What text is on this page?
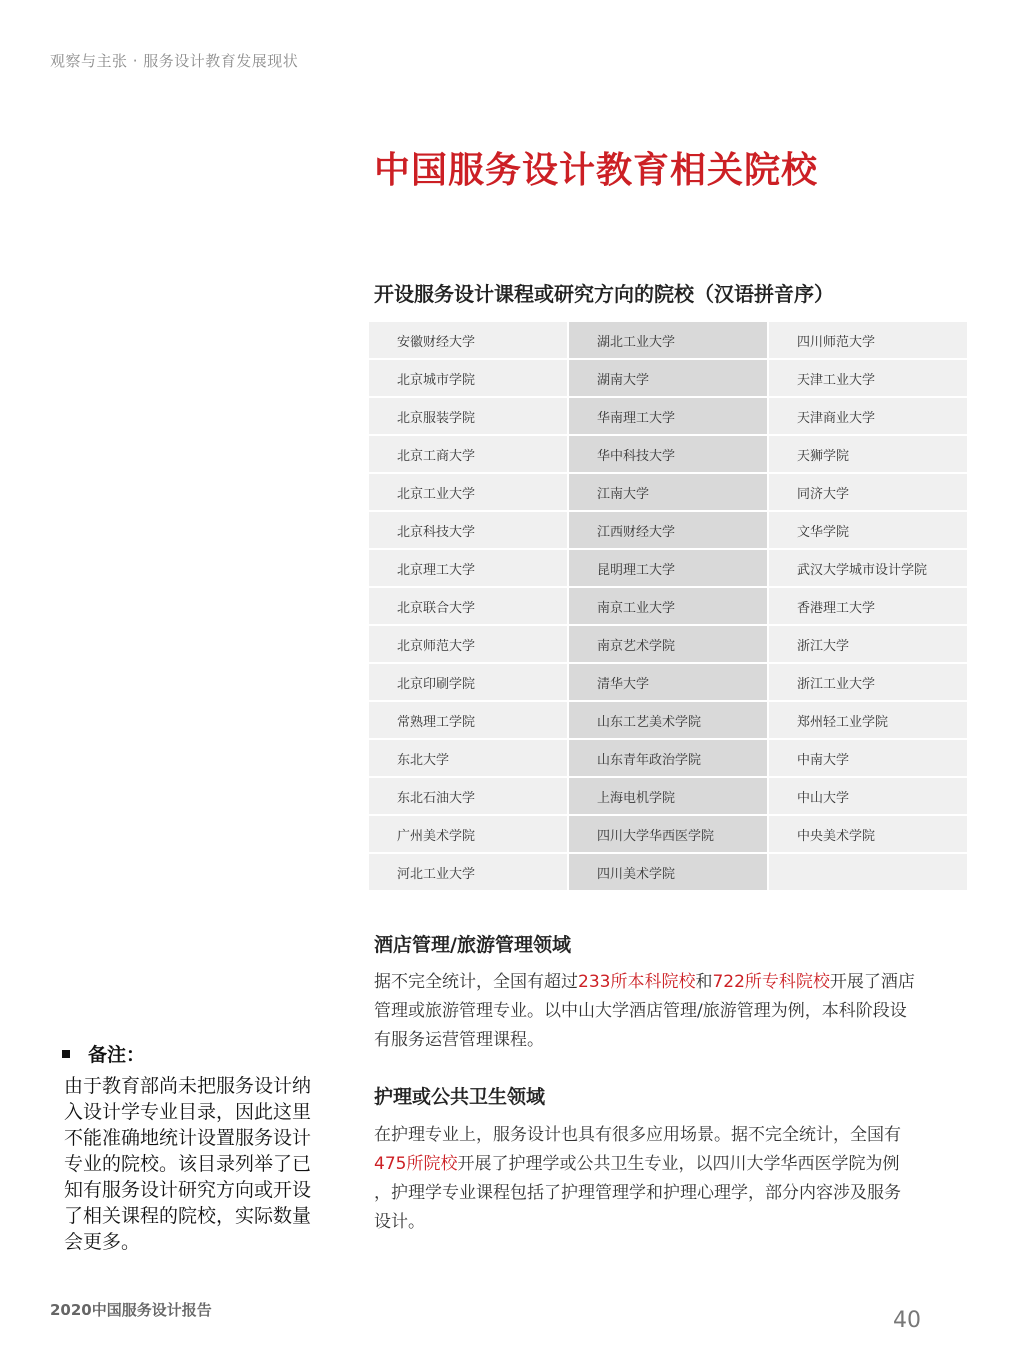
观察与主张 · 服务设计教育发展现状
中国服务设计教育相关院校
开设服务设计课程或研究方向的院校（汉语拼音序）
安徽财经大学
北京城市学院
北京服装学院
北京工商大学
北京工业大学
北京科技大学
北京理工大学
北京联合大学
北京师范大学
北京印刷学院
常熟理工学院
东北大学
东北石油大学
广州美术学院
河北工业大学
湖北工业大学
湖南大学
华南理工大学
华中科技大学
江南大学
江西财经大学
昆明理工大学
南京工业大学
南京艺术学院
清华大学
山东工艺美术学院
山东青年政治学院
上海电机学院
四川大学华西医学院
四川美术学院
四川师范大学
天津工业大学
天津商业大学
天狮学院
同济大学
文华学院
武汉大学城市设计学院
香港理工大学
浙江大学
浙江工业大学
郑州轻工业学院
中南大学
中山大学
中央美术学院
酒店管理/旅游管理领域
据不完全统计，全国有超过233所本科院校和722所专科院校开展了酒店
管理或旅游管理专业。以中山大学酒店管理/旅游管理为例，本科阶段设
有服务运营管理课程。
护理或公共卫生领域
在护理专业上，服务设计也具有很多应用场景。据不完全统计，全国有
475所院校开展了护理学或公共卫生专业，以四川大学华西医学院为例
，护理学专业课程包括了护理管理学和护理心理学，部分内容涉及服务
设计。
备注：
由于教育部尚未把服务设计纳
入设计学专业目录，因此这里
不能准确地统计设置服务设计
专业的院校。该目录列举了已
知有服务设计研究方向或开设
了相关课程的院校，实际数量
会更多。
2020中国服务设计报告	40
